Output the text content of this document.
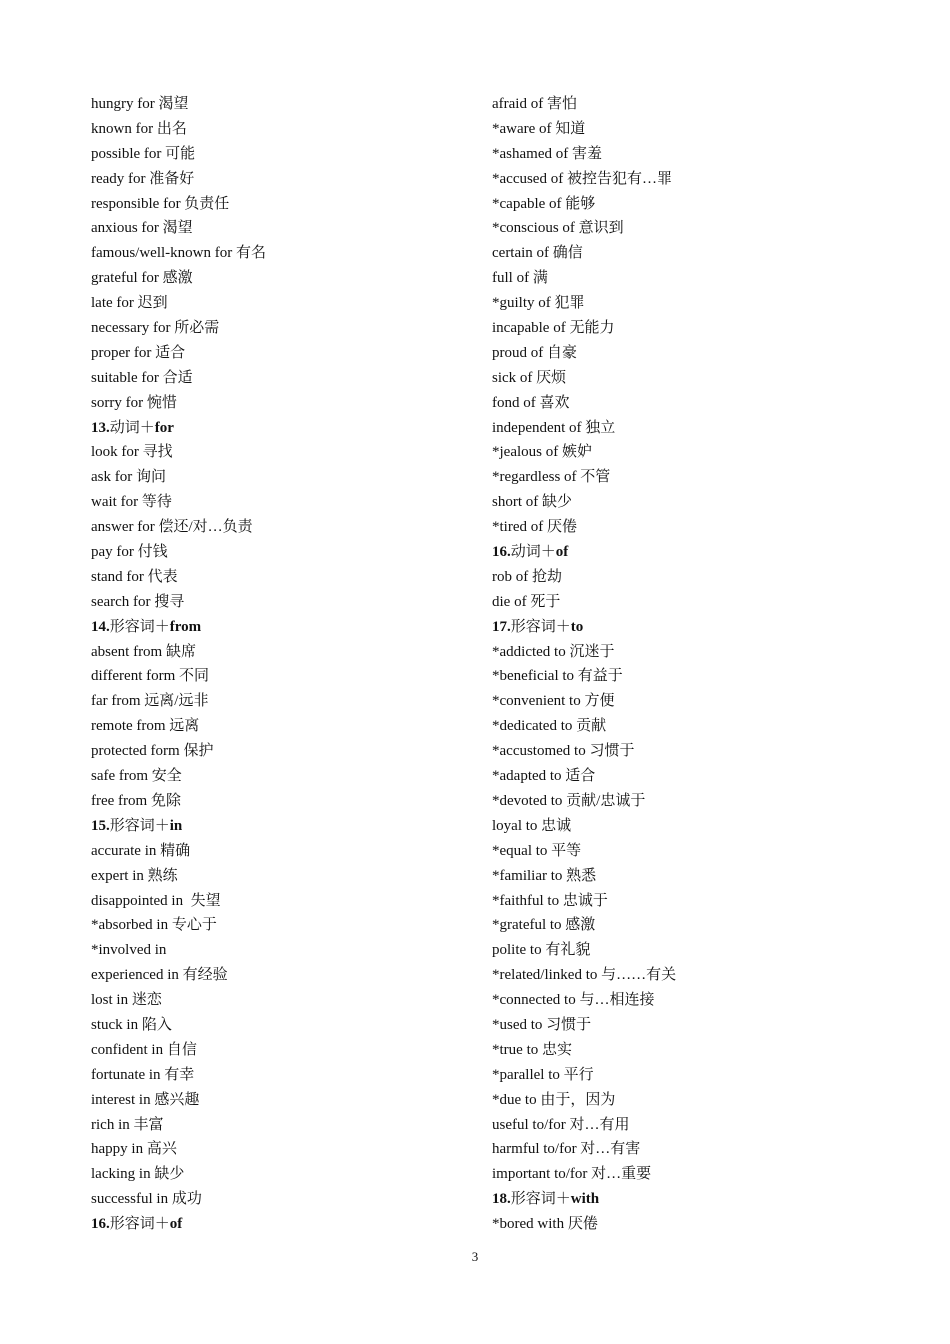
hungry for 渴望
known for 出名
possible for 可能
ready for 准备好
responsible for 负责任
anxious for 渴望
famous/well-known for 有名
grateful for 感激
late for 迟到
necessary for 所必需
proper for 适合
suitable for 合适
sorry for 惋惜
13.动词＋for
look for 寻找
ask for 询问
wait for 等待
answer for 偿还/对…负责
pay for 付钱
stand for 代表
search for 搜寻
14.形容词＋from
absent from 缺席
different form 不同
far from 远离/远非
remote from 远离
protected form 保护
safe from 安全
free from 免除
15.形容词＋in
accurate in 精确
expert in 熟练
disappointed in  失望
*absorbed in 专心于
*involved in
experienced in 有经验
lost in 迷恋
stuck in 陷入
confident in 自信
fortunate in 有幸
interest in 感兴趣
rich in 丰富
happy in 高兴
lacking in 缺少
successful in 成功
16.形容词＋of
afraid of 害怕
*aware of 知道
*ashamed of 害羞
*accused of 被控告犯有…罪
*capable of 能够
*conscious of 意识到
certain of 确信
full of 满
*guilty of 犯罪
incapable of 无能力
proud of 自豪
sick of 厌烦
fond of 喜欢
independent of 独立
*jealous of 嫉妒
*regardless of 不管
short of 缺少
*tired of 厌倦
16.动词＋of
rob of 抢劫
die of 死于
17.形容词＋to
*addicted to 沉迷于
*beneficial to 有益于
*convenient to 方便
*dedicated to 贡献
*accustomed to 习惯于
*adapted to 适合
*devoted to 贡献/忠诚于
loyal to 忠诚
*equal to 平等
*familiar to 熟悉
*faithful to 忠诚于
*grateful to 感激
polite to 有礼貌
*related/linked to 与……有关
*connected to 与…相连接
*used to 习惯于
*true to 忠实
*parallel to 平行
*due to 由于，因为
useful to/for 对…有用
harmful to/for 对…有害
important to/for 对…重要
18.形容词＋with
*bored with 厌倦
3
